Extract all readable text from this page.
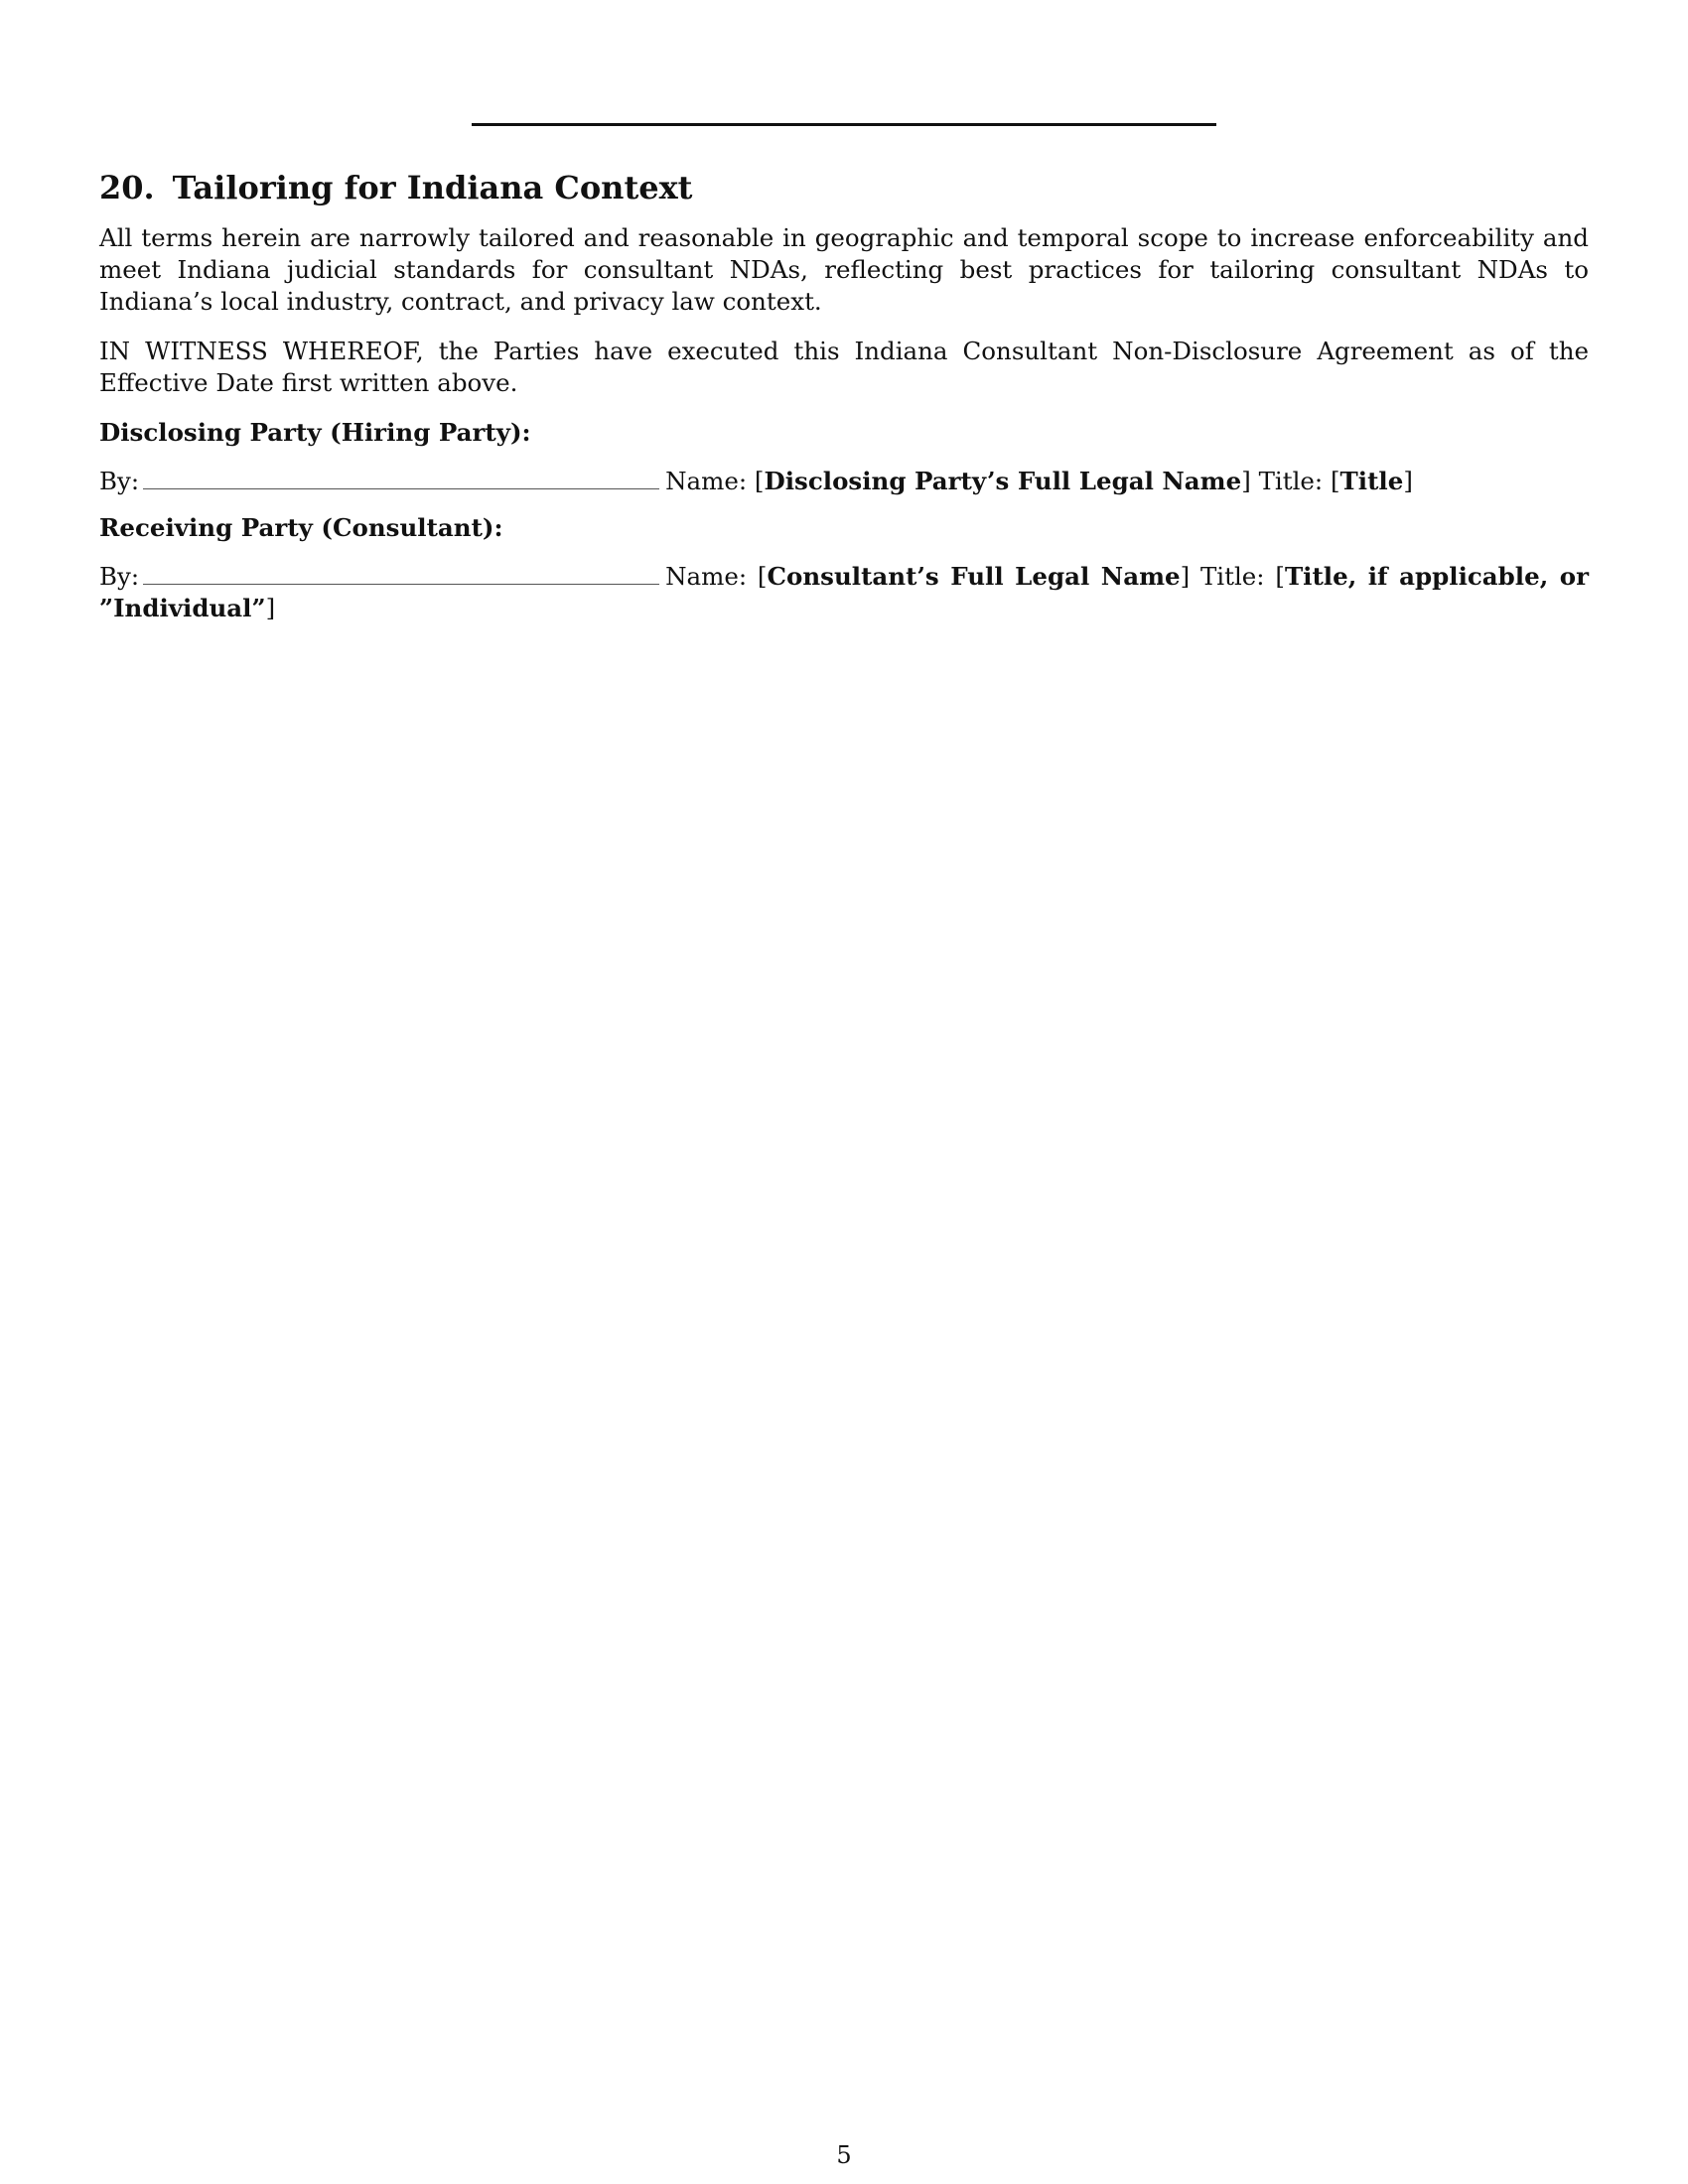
20. Tailoring for Indiana Context

All terms herein are narrowly tailored and reasonable in geographic and temporal scope to increase enforceability and meet Indiana judicial standards for consultant NDAs, reflecting best practices for tailoring consultant NDAs to Indiana’s local industry, contract, and privacy law context.

IN WITNESS WHEREOF, the Parties have executed this Indiana Consultant Non-Disclosure Agreement as of the Effective Date first written above.

Disclosing Party (Hiring Party):
By:	Name: [Disclosing Party’s Full Legal Name] Title: [Title]
Receiving Party (Consultant):
By:	Name: [Consultant’s Full Legal Name] Title: [Title, if applicable, or ”Individual”]
5
